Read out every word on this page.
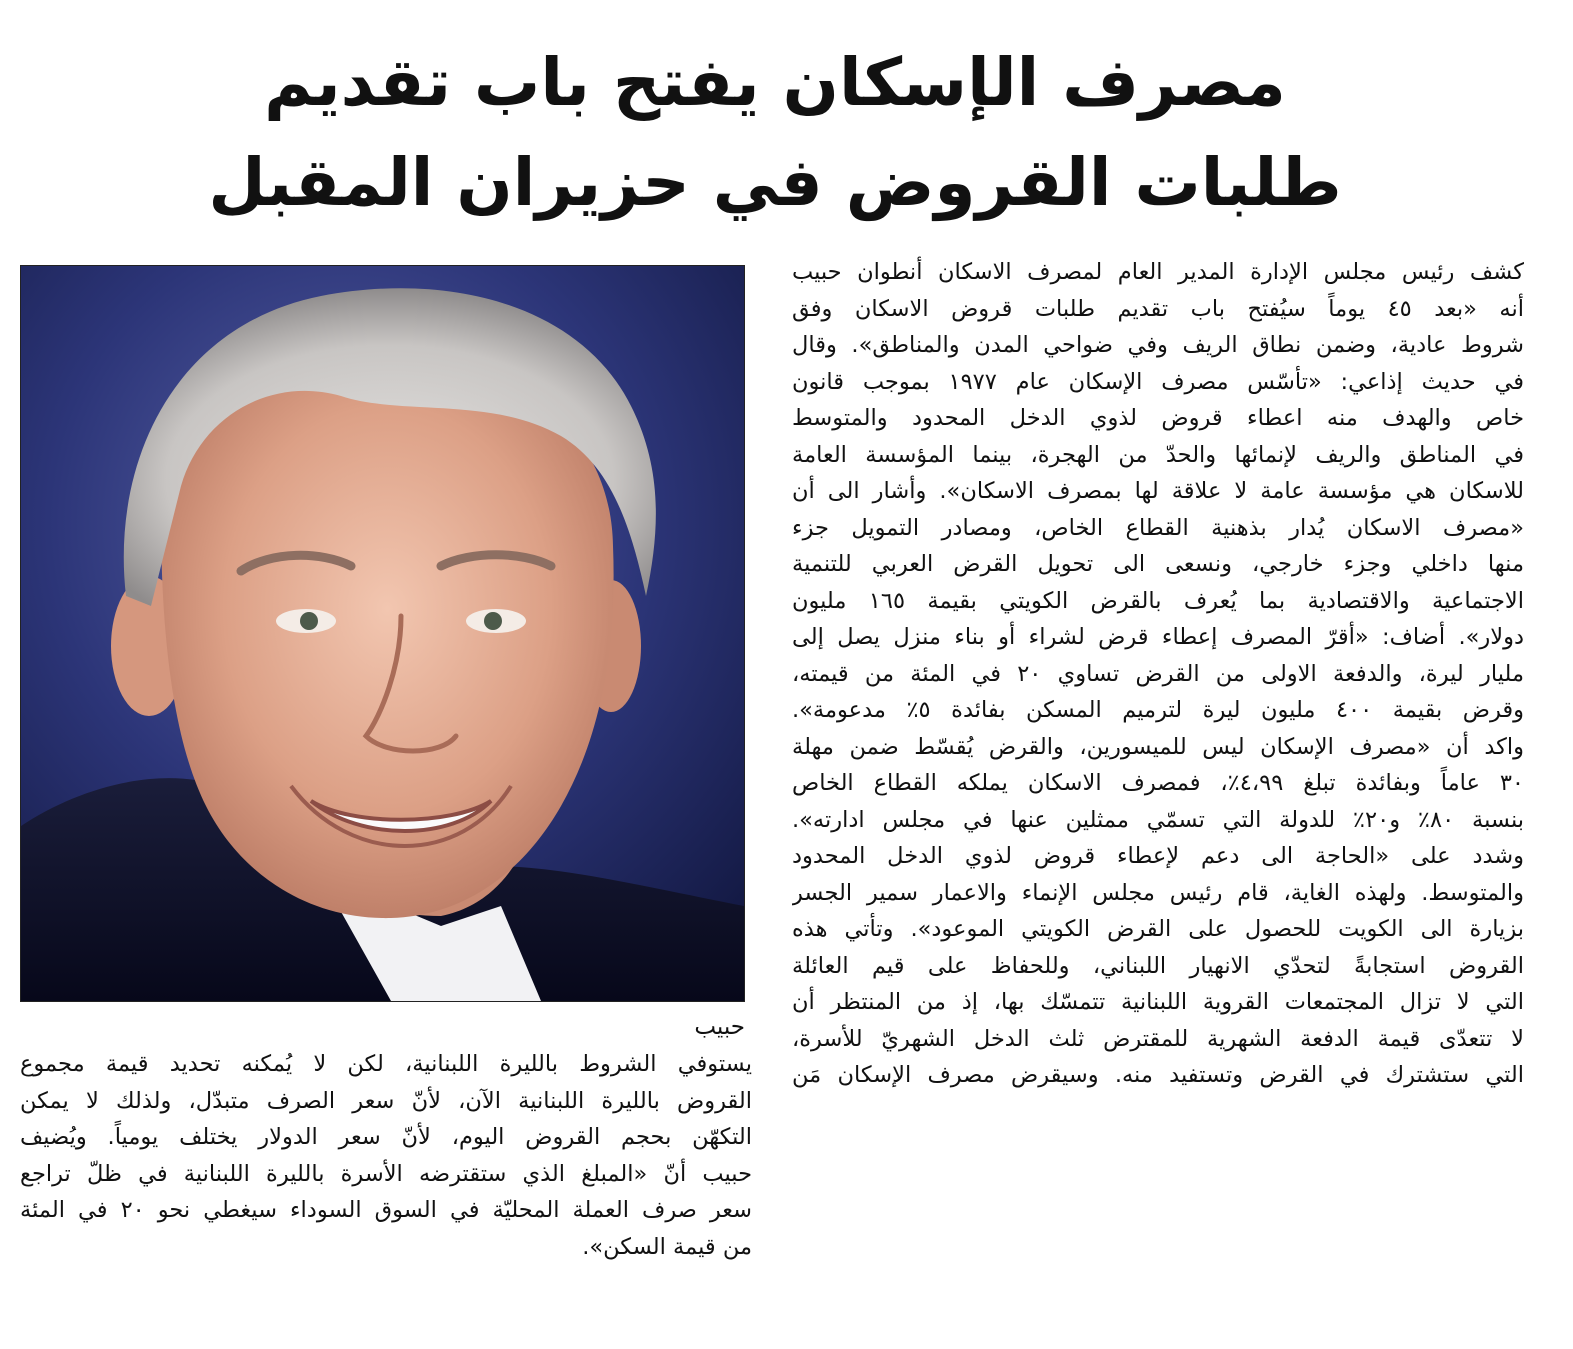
مصرف الإسكان يفتح باب تقديم
طلبات القروض في حزيران المقبل
حبيب
كشف رئيس مجلس الإدارة المدير العام لمصرف الاسكان أنطوان حبيب
أنه «بعد ٤٥ يوماً سيُفتح باب تقديم طلبات قروض الاسكان وفق
شروط عادية، وضمن نطاق الريف وفي ضواحي المدن والمناطق». وقال
في حديث إذاعي: «تأسّس مصرف الإسكان عام ١٩٧٧ بموجب قانون
خاص والهدف منه اعطاء قروض لذوي الدخل المحدود والمتوسط
في المناطق والريف لإنمائها والحدّ من الهجرة، بينما المؤسسة العامة
للاسكان هي مؤسسة عامة لا علاقة لها بمصرف الاسكان». وأشار الى أن
«مصرف الاسكان يُدار بذهنية القطاع الخاص، ومصادر التمويل جزء
منها داخلي وجزء خارجي، ونسعى الى تحويل القرض العربي للتنمية
الاجتماعية والاقتصادية بما يُعرف بالقرض الكويتي بقيمة ١٦٥ مليون
دولار». أضاف: «أقرّ المصرف إعطاء قرض لشراء أو بناء منزل يصل إلى
مليار ليرة، والدفعة الاولى من القرض تساوي ٢٠ في المئة من قيمته،
وقرض بقيمة ٤٠٠ مليون ليرة لترميم المسكن بفائدة ٥٪ مدعومة».
واكد أن «مصرف الإسكان ليس للميسورين، والقرض يُقسّط ضمن مهلة
٣٠ عاماً وبفائدة تبلغ ٤،٩٩٪، فمصرف الاسكان يملكه القطاع الخاص
بنسبة ٨٠٪ و٢٠٪ للدولة التي تسمّي ممثلين عنها في مجلس ادارته».
وشدد على «الحاجة الى دعم لإعطاء قروض لذوي الدخل المحدود
والمتوسط. ولهذه الغاية، قام رئيس مجلس الإنماء والاعمار سمير الجسر
بزيارة الى الكويت للحصول على القرض الكويتي الموعود». وتأتي هذه
القروض استجابةً لتحدّي الانهيار اللبناني، وللحفاظ على قيم العائلة
التي لا تزال المجتمعات القروية اللبنانية تتمسّك بها، إذ من المنتظر أن
لا تتعدّى قيمة الدفعة الشهرية للمقترض ثلث الدخل الشهريّ للأسرة،
التي ستشترك في القرض وتستفيد منه. وسيقرض مصرف الإسكان مَن
يستوفي الشروط بالليرة اللبنانية، لكن لا يُمكنه تحديد قيمة مجموع
القروض بالليرة اللبنانية الآن، لأنّ سعر الصرف متبدّل، ولذلك لا يمكن
التكهّن بحجم القروض اليوم، لأنّ سعر الدولار يختلف يومياً. ويُضيف
حبيب أنّ «المبلغ الذي ستقترضه الأسرة بالليرة اللبنانية في ظلّ تراجع
سعر صرف العملة المحليّة في السوق السوداء سيغطي نحو ٢٠ في المئة
من قيمة السكن».
